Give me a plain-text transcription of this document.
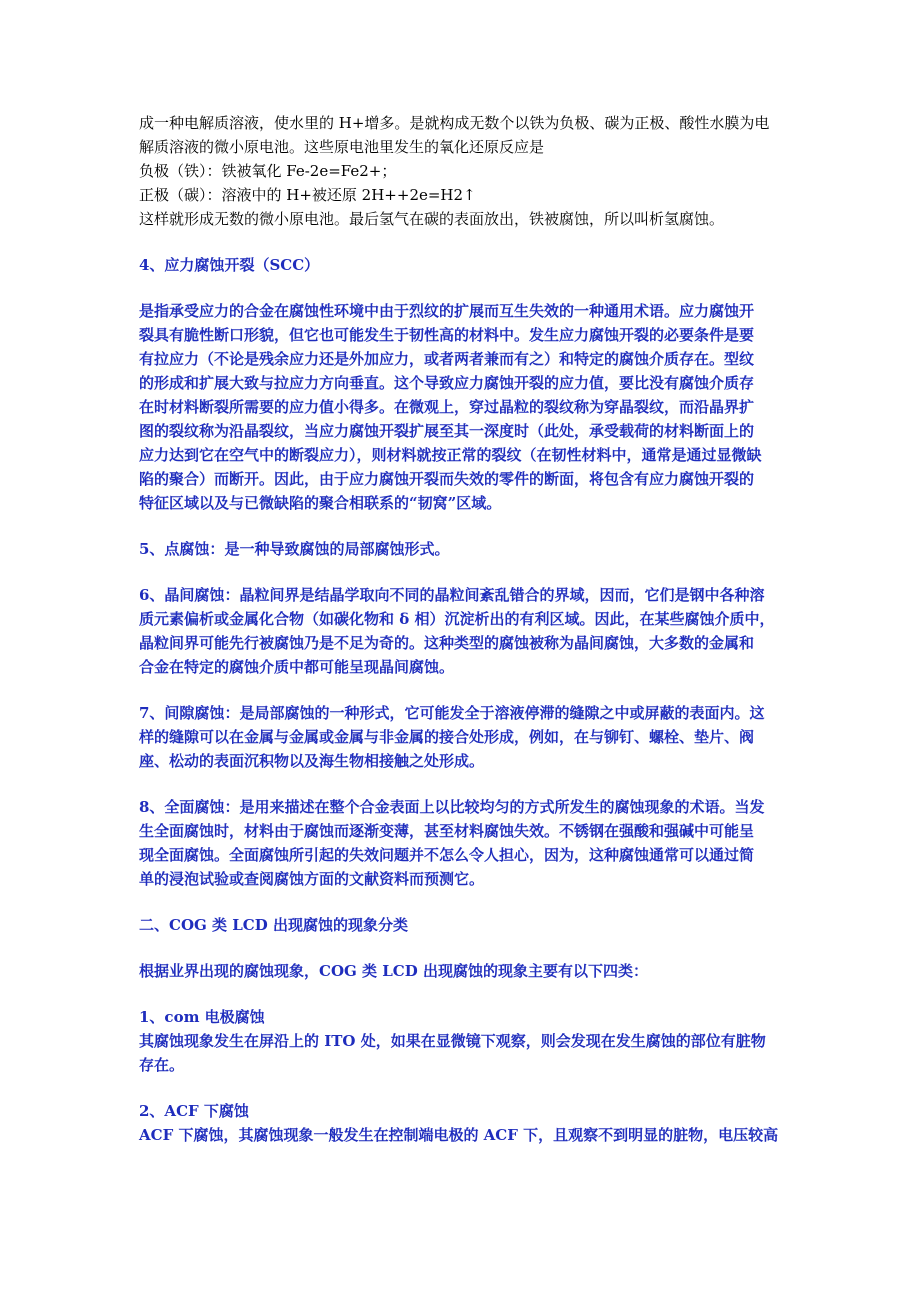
成一种电解质溶液，使水里的 H+增多。是就构成无数个以铁为负极、碳为正极、酸性水膜为电
解质溶液的微小原电池。这些原电池里发生的氧化还原反应是
负极（铁）：铁被氧化 Fe-2e=Fe2+；
正极（碳）：溶液中的 H+被还原 2H++2e=H2↑
这样就形成无数的微小原电池。最后氢气在碳的表面放出，铁被腐蚀，所以叫析氢腐蚀。
4、应力腐蚀开裂（SCC）
是指承受应力的合金在腐蚀性环境中由于烈纹的扩展而互生失效的一种通用术语。应力腐蚀开
裂具有脆性断口形貌，但它也可能发生于韧性高的材料中。发生应力腐蚀开裂的必要条件是要
有拉应力（不论是残余应力还是外加应力，或者两者兼而有之）和特定的腐蚀介质存在。型纹
的形成和扩展大致与拉应力方向垂直。这个导致应力腐蚀开裂的应力值，要比没有腐蚀介质存
在时材料断裂所需要的应力值小得多。在微观上，穿过晶粒的裂纹称为穿晶裂纹，而沿晶界扩
图的裂纹称为沿晶裂纹，当应力腐蚀开裂扩展至其一深度时（此处，承受载荷的材料断面上的
应力达到它在空气中的断裂应力），则材料就按正常的裂纹（在韧性材料中，通常是通过显微缺
陷的聚合）而断开。因此，由于应力腐蚀开裂而失效的零件的断面，将包含有应力腐蚀开裂的
特征区域以及与已微缺陷的聚合相联系的“韧窝”区域。
5、点腐蚀：是一种导致腐蚀的局部腐蚀形式。
6、晶间腐蚀：晶粒间界是结晶学取向不同的晶粒间紊乱错合的界域，因而，它们是钢中各种溶
质元素偏析或金属化合物（如碳化物和 δ 相）沉淀析出的有利区域。因此，在某些腐蚀介质中，
晶粒间界可能先行被腐蚀乃是不足为奇的。这种类型的腐蚀被称为晶间腐蚀，大多数的金属和
合金在特定的腐蚀介质中都可能呈现晶间腐蚀。
7、间隙腐蚀：是局部腐蚀的一种形式，它可能发全于溶液停滞的缝隙之中或屏蔽的表面内。这
样的缝隙可以在金属与金属或金属与非金属的接合处形成，例如，在与铆钉、螺栓、垫片、阀
座、松动的表面沉积物以及海生物相接触之处形成。
8、全面腐蚀：是用来描述在整个合金表面上以比较均匀的方式所发生的腐蚀现象的术语。当发
生全面腐蚀时，材料由于腐蚀而逐渐变薄，甚至材料腐蚀失效。不锈钢在强酸和强碱中可能呈
现全面腐蚀。全面腐蚀所引起的失效问题并不怎么令人担心，因为，这种腐蚀通常可以通过简
单的浸泡试验或查阅腐蚀方面的文献资料而预测它。
二、COG 类 LCD 出现腐蚀的现象分类
根据业界出现的腐蚀现象，COG 类 LCD 出现腐蚀的现象主要有以下四类：
1、com 电极腐蚀
其腐蚀现象发生在屏沿上的 ITO 处，如果在显微镜下观察，则会发现在发生腐蚀的部位有脏物
存在。
2、ACF 下腐蚀
ACF 下腐蚀，其腐蚀现象一般发生在控制端电极的 ACF 下，且观察不到明显的脏物，电压较高
